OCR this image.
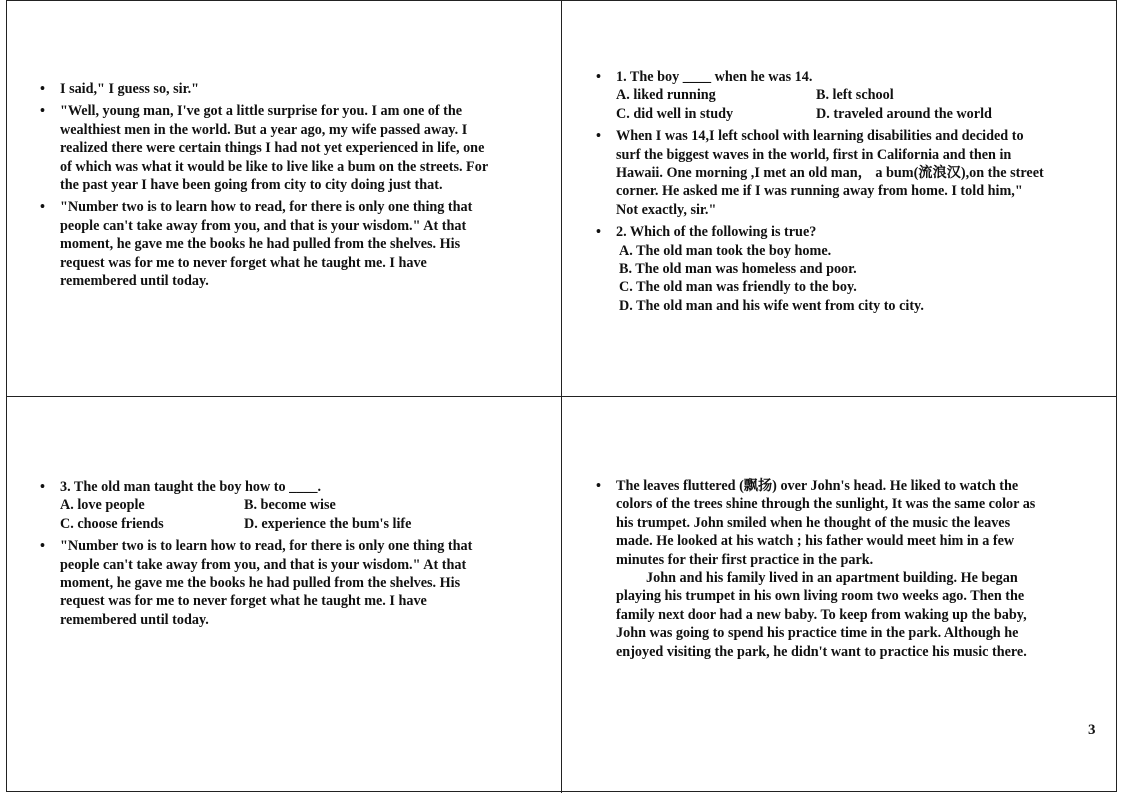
• I said," I guess so, sir."
• "Well, young man, I've got a little surprise for you. I am one of the
wealthiest men in the world. But a year ago, my wife passed away. I
realized there were certain things I had not yet experienced in life, one
of which was what it would be like to live like a bum on the streets. For
the past year I have been going from city to city doing just that.
• "Number two is to learn how to read, for there is only one thing that
people can't take away from you, and that is your wisdom." At that
moment, he gave me the books he had pulled from the shelves. His
request was for me to never forget what he taught me. I have
remembered until today.
• 1. The boy ____ when he was 14.
A. liked running	B. left school
C. did well in study	D. traveled around the world
• When I was 14,I left school with learning disabilities and decided to
surf the biggest waves in the world, first in California and then in
Hawaii. One morning ,I met an old man， a bum(流浪汉),on the street
corner. He asked me if I was running away from home. I told him,"
Not exactly, sir."
• 2. Which of the following is true?
A. The old man took the boy home.
B. The old man was homeless and poor.
C. The old man was friendly to the boy.
D. The old man and his wife went from city to city.
• 3. The old man taught the boy how to ____.
A. love people	B. become wise
C. choose friends	D. experience the bum's life
• "Number two is to learn how to read, for there is only one thing that
people can't take away from you, and that is your wisdom." At that
moment, he gave me the books he had pulled from the shelves. His
request was for me to never forget what he taught me. I have
remembered until today.
• The leaves fluttered (飘扬) over John's head. He liked to watch the
colors of the trees shine through the sunlight, It was the same color as
his trumpet. John smiled when he thought of the music the leaves
made. He looked at his watch ; his father would meet him in a few
minutes for their first practice in the park.
John and his family lived in an apartment building. He began
playing his trumpet in his own living room two weeks ago. Then the
family next door had a new baby. To keep from waking up the baby,
John was going to spend his practice time in the park. Although he
enjoyed visiting the park, he didn't want to practice his music there.
3
